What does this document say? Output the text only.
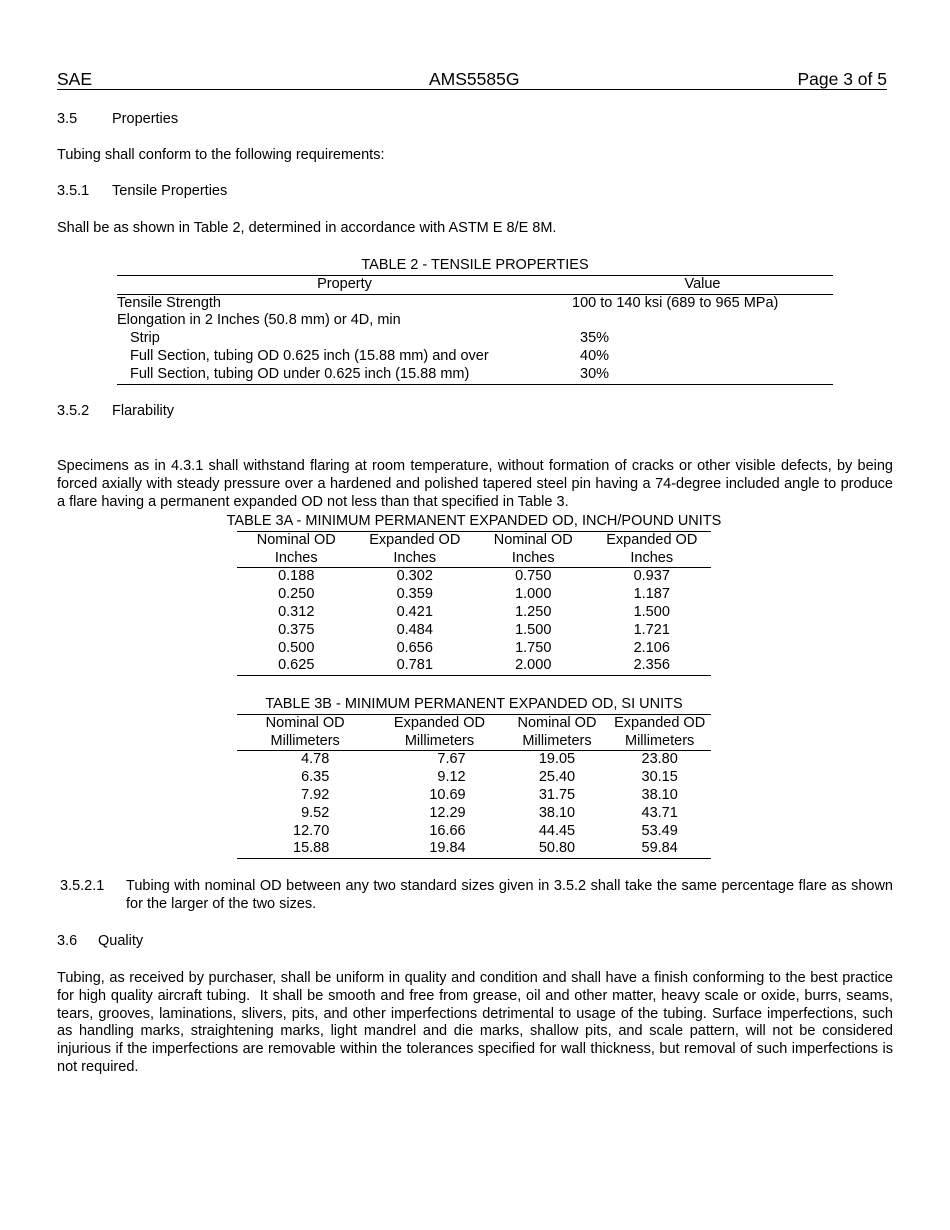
SAE	AMS5585G	Page 3 of 5
3.5 Properties
Tubing shall conform to the following requirements:
3.5.1 Tensile Properties
Shall be as shown in Table 2, determined in accordance with ASTM E 8/E 8M.
TABLE 2 - TENSILE PROPERTIES
Property	Value
Tensile Strength	100 to 140 ksi (689 to 965 MPa)
Elongation in 2 Inches (50.8 mm) or 4D, min	
Strip	35%
Full Section, tubing OD 0.625 inch (15.88 mm) and over	40%
Full Section, tubing OD under 0.625 inch (15.88 mm)	30%
3.5.2 Flarability
Specimens as in 4.3.1 shall withstand flaring at room temperature, without formation of cracks or other visible defects, by being forced axially with steady pressure over a hardened and polished tapered steel pin having a 74-degree included angle to produce a flare having a permanent expanded OD not less than that specified in Table 3.
TABLE 3A - MINIMUM PERMANENT EXPANDED OD, INCH/POUND UNITS
Nominal OD	Expanded OD	Nominal OD	Expanded OD
Inches	Inches	Inches	Inches
0.188	0.302	0.750	0.937
0.250	0.359	1.000	1.187
0.312	0.421	1.250	1.500
0.375	0.484	1.500	1.721
0.500	0.656	1.750	2.106
0.625	0.781	2.000	2.356
TABLE 3B - MINIMUM PERMANENT EXPANDED OD, SI UNITS
Nominal OD	Expanded OD	Nominal OD	Expanded OD
Millimeters	Millimeters	Millimeters	Millimeters
4.78	7.67	19.05	23.80
6.35	9.12	25.40	30.15
7.92	10.69	31.75	38.10
9.52	12.29	38.10	43.71
12.70	16.66	44.45	53.49
15.88	19.84	50.80	59.84
3.5.2.1 Tubing with nominal OD between any two standard sizes given in 3.5.2 shall take the same percentage flare as shown for the larger of the two sizes.
3.6 Quality
Tubing, as received by purchaser, shall be uniform in quality and condition and shall have a finish conforming to the best practice for high quality aircraft tubing.  It shall be smooth and free from grease, oil and other matter, heavy scale or oxide, burrs, seams, tears, grooves, laminations, slivers, pits, and other imperfections detrimental to usage of the tubing. Surface imperfections, such as handling marks, straightening marks, light mandrel and die marks, shallow pits, and scale pattern, will not be considered injurious if the imperfections are removable within the tolerances specified for wall thickness, but removal of such imperfections is not required.
